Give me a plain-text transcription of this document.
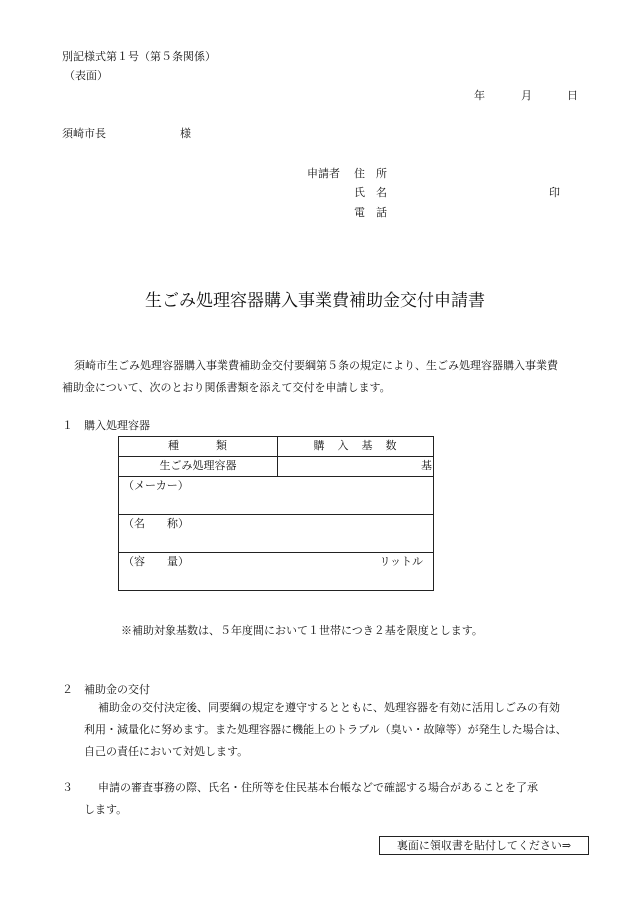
別記様式第１号（第５条関係）
（表面）
年	月	日
須崎市長	様
申請者 住　所
氏　名	印
電　話
生ごみ処理容器購入事業費補助金交付申請書
須崎市生ごみ処理容器購入事業費補助金交付要綱第５条の規定により、生ごみ処理容器購入事業費
補助金について、次のとおり関係書類を添えて交付を申請します。
１　購入処理容器
種　　　類	購　入　基　数
生ごみ処理容器	基
（メーカー）	
（名　　称）	

（容　　量） リットル	
※補助対象基数は、５年度間において１世帯につき２基を限度とします。
２　補助金の交付
補助金の交付決定後、同要綱の規定を遵守するとともに、処理容器を有効に活用しごみの有効
利用・減量化に努めます。また処理容器に機能上のトラブル（臭い・故障等）が発生した場合は、
自己の責任において対処します。
３ 申請の審査事務の際、氏名・住所等を住民基本台帳などで確認する場合があることを了承
します。
裏面に領収書を貼付してください⇒
